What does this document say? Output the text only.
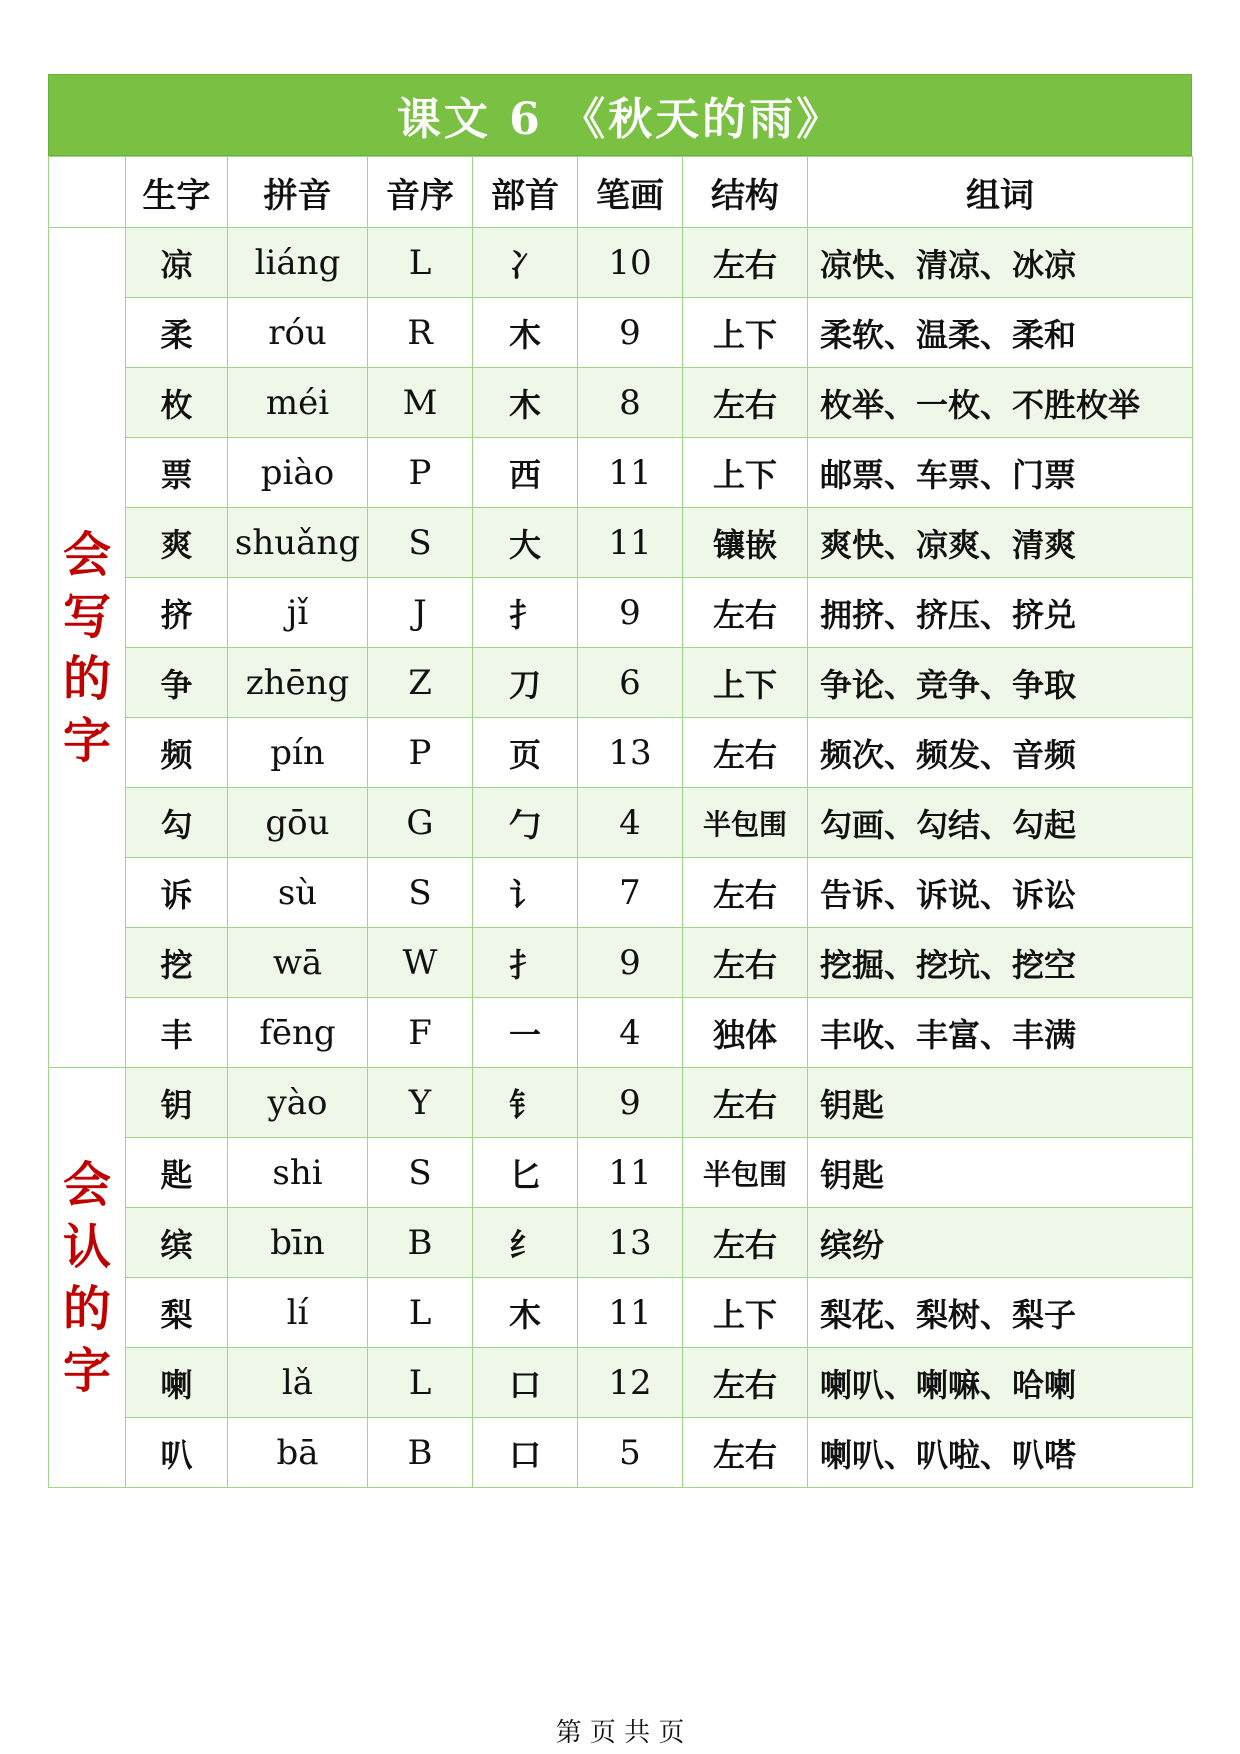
课文 6 《秋天的雨》
	生字	拼音	音序	部首	笔画	结构	组词

会
写
的
字	凉	liáng	L	冫	10	左右	凉快、清凉、冰凉
	柔	róu	R	木	9	上下	柔软、温柔、柔和
	枚	méi	M	木	8	左右	枚举、一枚、不胜枚举
	票	piào	P	西	11	上下	邮票、车票、门票
	爽	shuǎng	S	大	11	镶嵌	爽快、凉爽、清爽
	挤	jǐ	J	扌	9	左右	拥挤、挤压、挤兑
	争	zhēng	Z	刀	6	上下	争论、竞争、争取
	频	pín	P	页	13	左右	频次、频发、音频
	勾	gōu	G	勹	4	半包围	勾画、勾结、勾起
	诉	sù	S	讠	7	左右	告诉、诉说、诉讼
	挖	wā	W	扌	9	左右	挖掘、挖坑、挖空
	丰	fēng	F	一	4	独体	丰收、丰富、丰满

会
认
的
字	钥	yào	Y	钅	9	左右	钥匙
	匙	shi	S	匕	11	半包围	钥匙
	缤	bīn	B	纟	13	左右	缤纷
	梨	lí	L	木	11	上下	梨花、梨树、梨子
	喇	lǎ	L	口	12	左右	喇叭、喇嘛、哈喇
	叭	bā	B	口	5	左右	喇叭、叭啦、叭嗒
第 页 共 页
